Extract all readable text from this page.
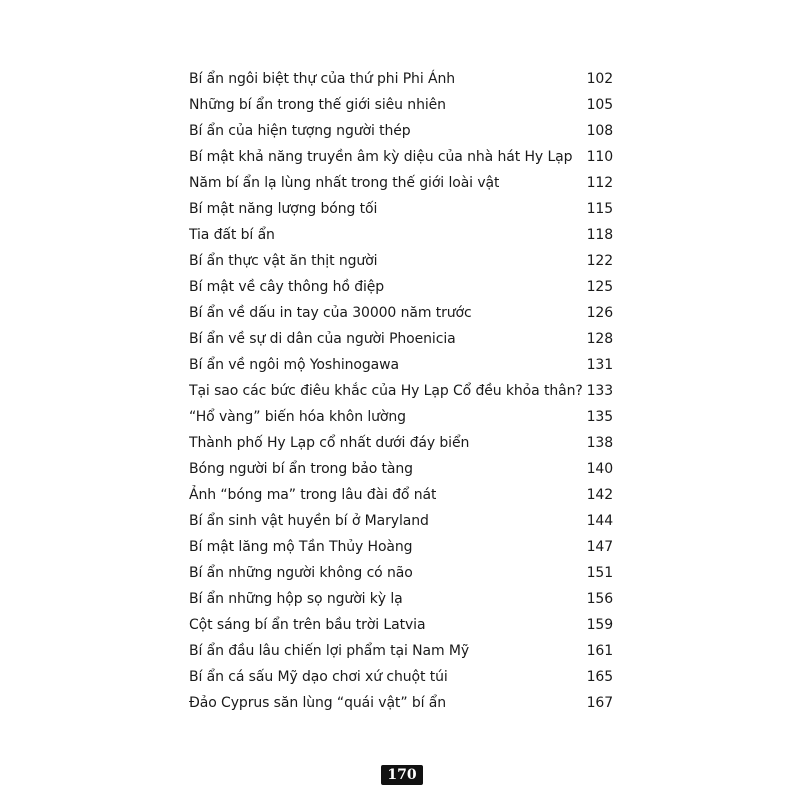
Bí ẩn ngôi biệt thự của thứ phi Phi Ánh	102
Những bí ẩn trong thế giới siêu nhiên	105
Bí ẩn của hiện tượng người thép	108
Bí mật khả năng truyền âm kỳ diệu của nhà hát Hy Lạp 110
Năm bí ẩn lạ lùng nhất trong thế giới loài vật	112
Bí mật năng lượng bóng tối	115
Tia đất bí ẩn	118
Bí ẩn thực vật ăn thịt người	122
Bí mật về cây thông hồ điệp	125
Bí ẩn về dấu in tay của 30000 năm trước	126
Bí ẩn về sự di dân của người Phoenicia	128
Bí ẩn về ngôi mộ Yoshinogawa	131
Tại sao các bức điêu khắc của Hy Lạp Cổ đều khỏa thân? 133
“Hổ vàng” biến hóa khôn lường	135
Thành phố Hy Lạp cổ nhất dưới đáy biển	138
Bóng người bí ẩn trong bảo tàng	140
Ảnh “bóng ma” trong lâu đài đổ nát	142
Bí ẩn sinh vật huyền bí ở Maryland	144
Bí mật lăng mộ Tần Thủy Hoàng	147
Bí ẩn những người không có não	151
Bí ẩn những hộp sọ người kỳ lạ	156
Cột sáng bí ẩn trên bầu trời Latvia	159
Bí ẩn đầu lâu chiến lợi phẩm tại Nam Mỹ	161
Bí ẩn cá sấu Mỹ dạo chơi xứ chuột túi	165
Đảo Cyprus săn lùng “quái vật” bí ẩn	167
170
